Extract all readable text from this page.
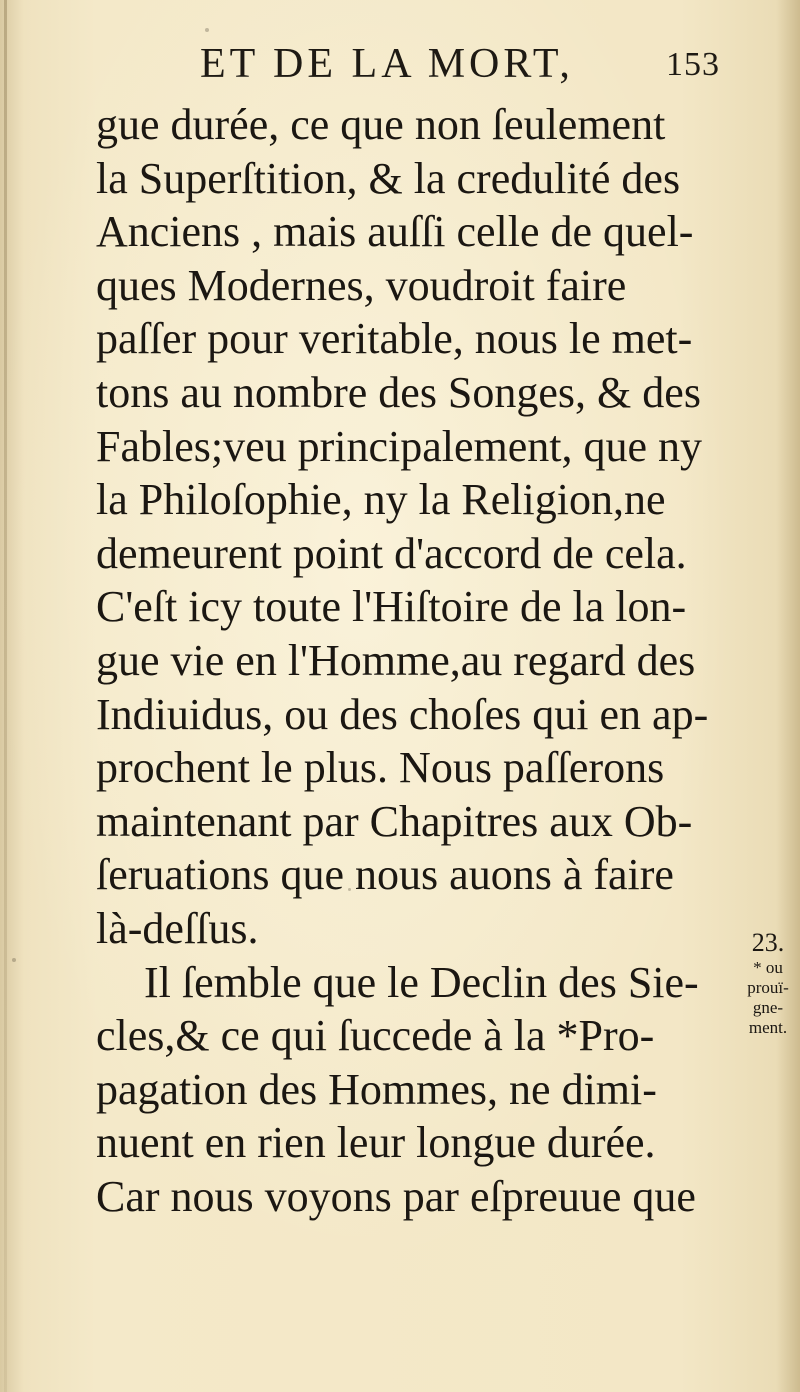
ET DE LA MORT,	153
gue durée, ce que non ſeulement
la Superſtition, & la credulité des
Anciens , mais auſſi celle de quel-
ques Modernes, voudroit faire
paſſer pour veritable, nous le met-
tons au nombre des Songes, & des
Fables;veu principalement, que ny
la Philoſophie, ny la Religion,ne
demeurent point d'accord de cela.
C'eſt icy toute l'Hiſtoire de la lon-
gue vie en l'Homme,au regard des
Indiuidus, ou des choſes qui en ap-
prochent le plus. Nous paſſerons
maintenant par Chapitres aux Ob-
ſeruations que nous auons à faire
là-deſſus.
Il ſemble que le Declin des Sie-
cles,& ce qui ſuccede à la *Pro-
pagation des Hommes, ne dimi-
nuent en rien leur longue durée.
Car nous voyons par eſpreuue que
23.
* ou
prouï-
gne-
ment.
